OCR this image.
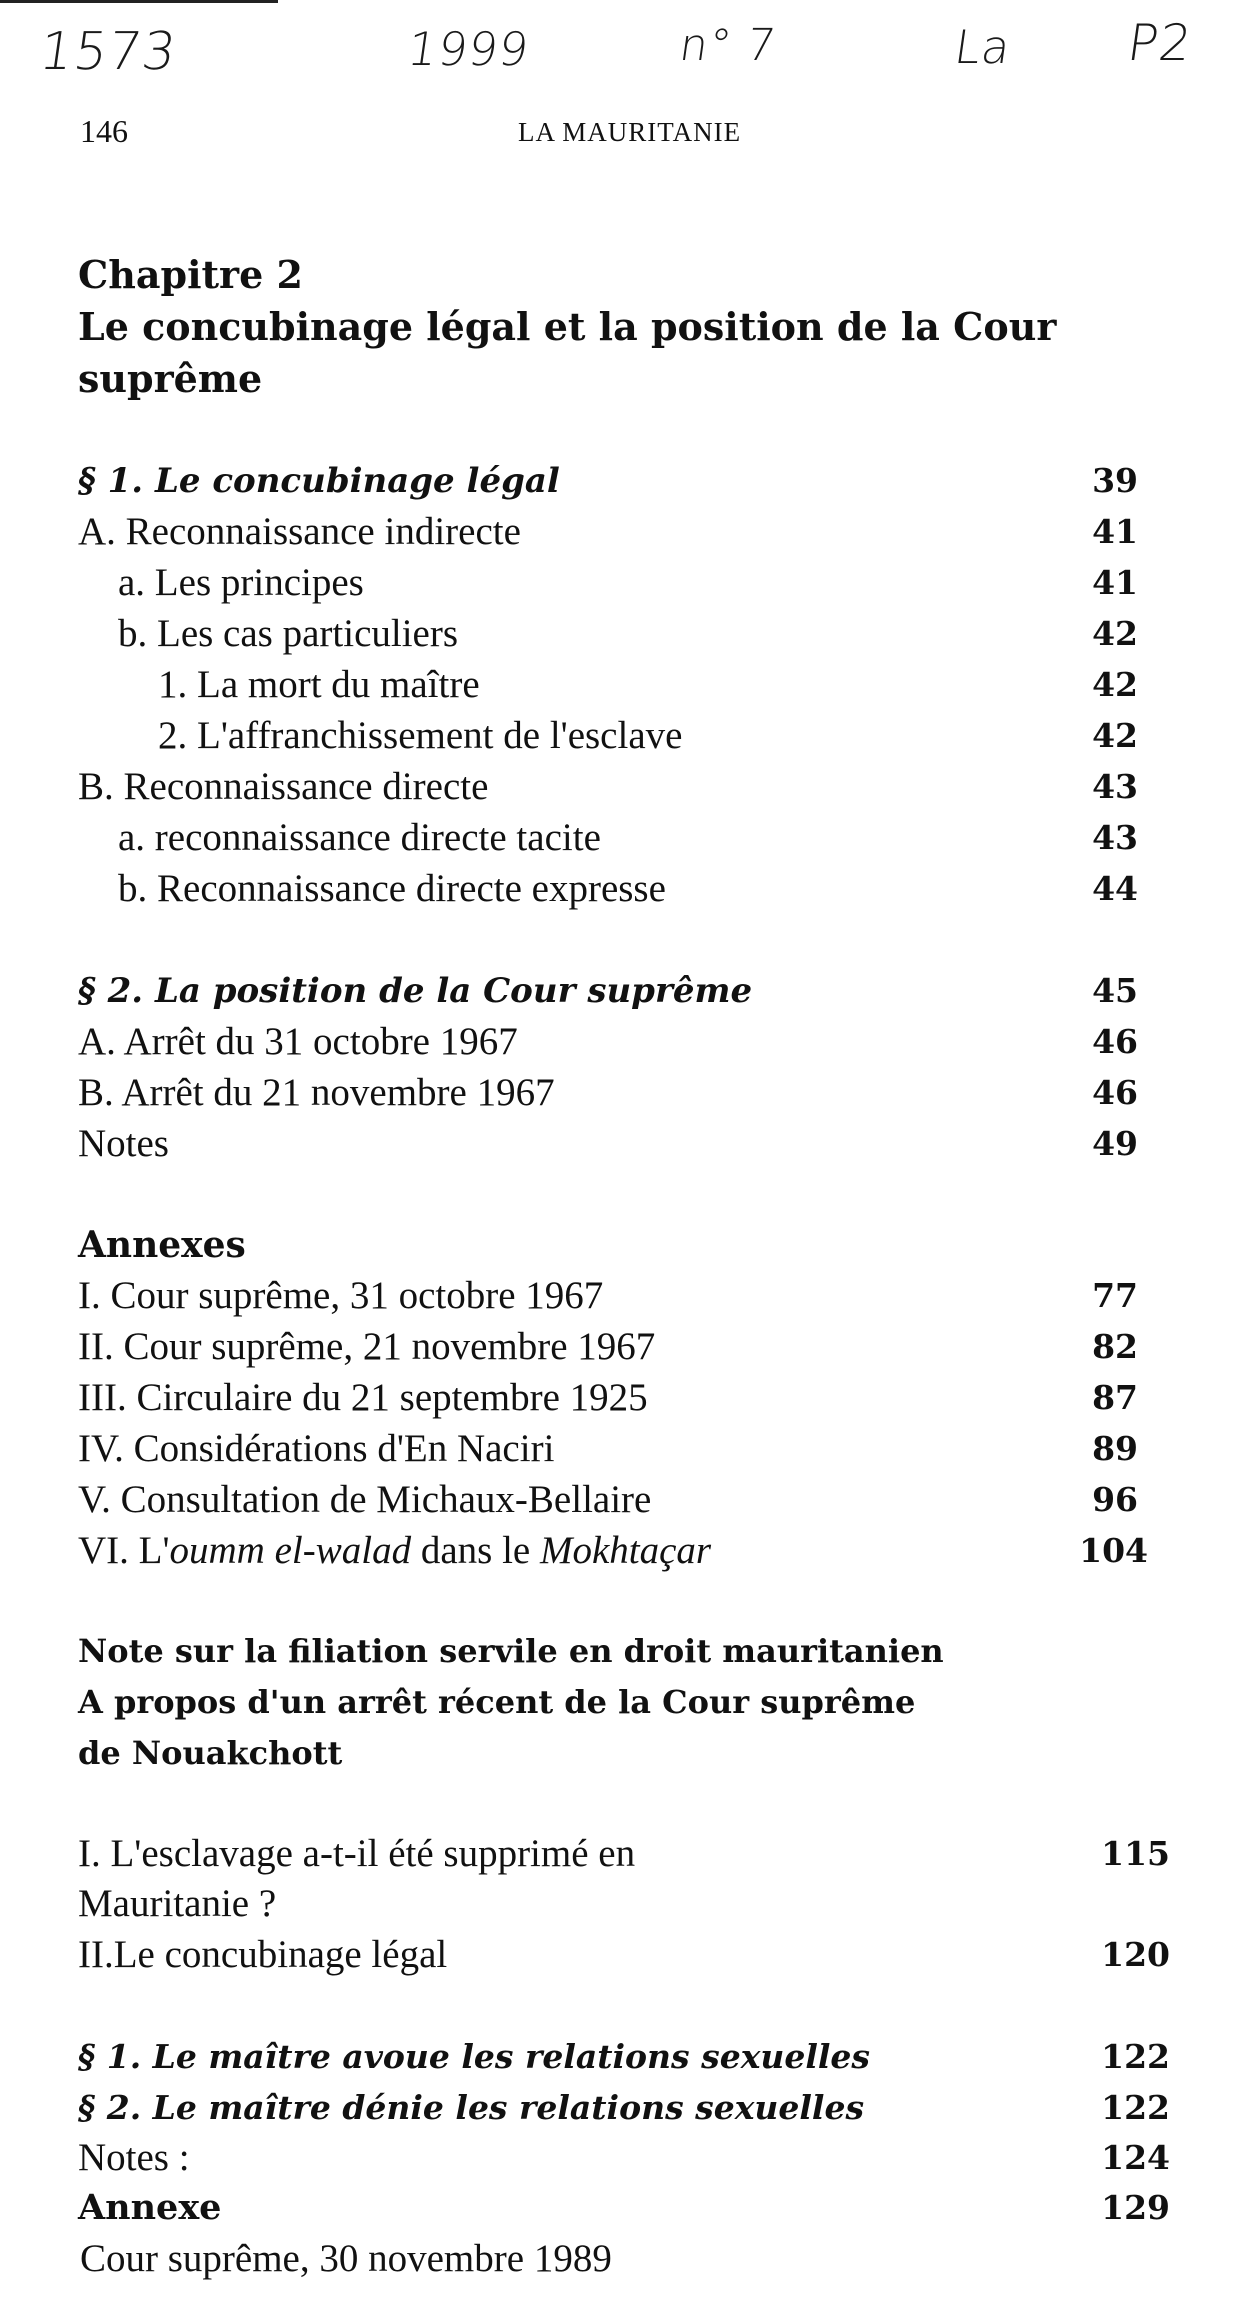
1573	1999	n° 7	La P2
146	LA MAURITANIE
Chapitre 2
Le concubinage légal et la position de la Cour
suprême
§ 1. Le concubinage légal	39
A. Reconnaissance indirecte	41
a. Les principes	41
b. Les cas particuliers	42
1. La mort du maître	42
2. L'affranchissement de l'esclave	42
B. Reconnaissance directe	43
a. reconnaissance directe tacite	43
b. Reconnaissance directe expresse	44
§ 2. La position de la Cour suprême	45
A. Arrêt du 31 octobre 1967	46
B. Arrêt du 21 novembre 1967	46
Notes	49
Annexes
I. Cour suprême, 31 octobre 1967	77
II. Cour suprême, 21 novembre 1967	82
III. Circulaire du 21 septembre 1925	87
IV. Considérations d'En Naciri	89
V. Consultation de Michaux-Bellaire	96
VI. L'oumm el-walad dans le Mokhtaçar	104
Note sur la filiation servile en droit mauritanien
A propos d'un arrêt récent de la Cour suprême
de Nouakchott
I. L'esclavage a-t-il été supprimé en	115
Mauritanie ?
II.Le concubinage légal	120
§ 1. Le maître avoue les relations sexuelles	122
§ 2. Le maître dénie les relations sexuelles	122
Notes :	124
Annexe	129
Cour suprême, 30 novembre 1989
